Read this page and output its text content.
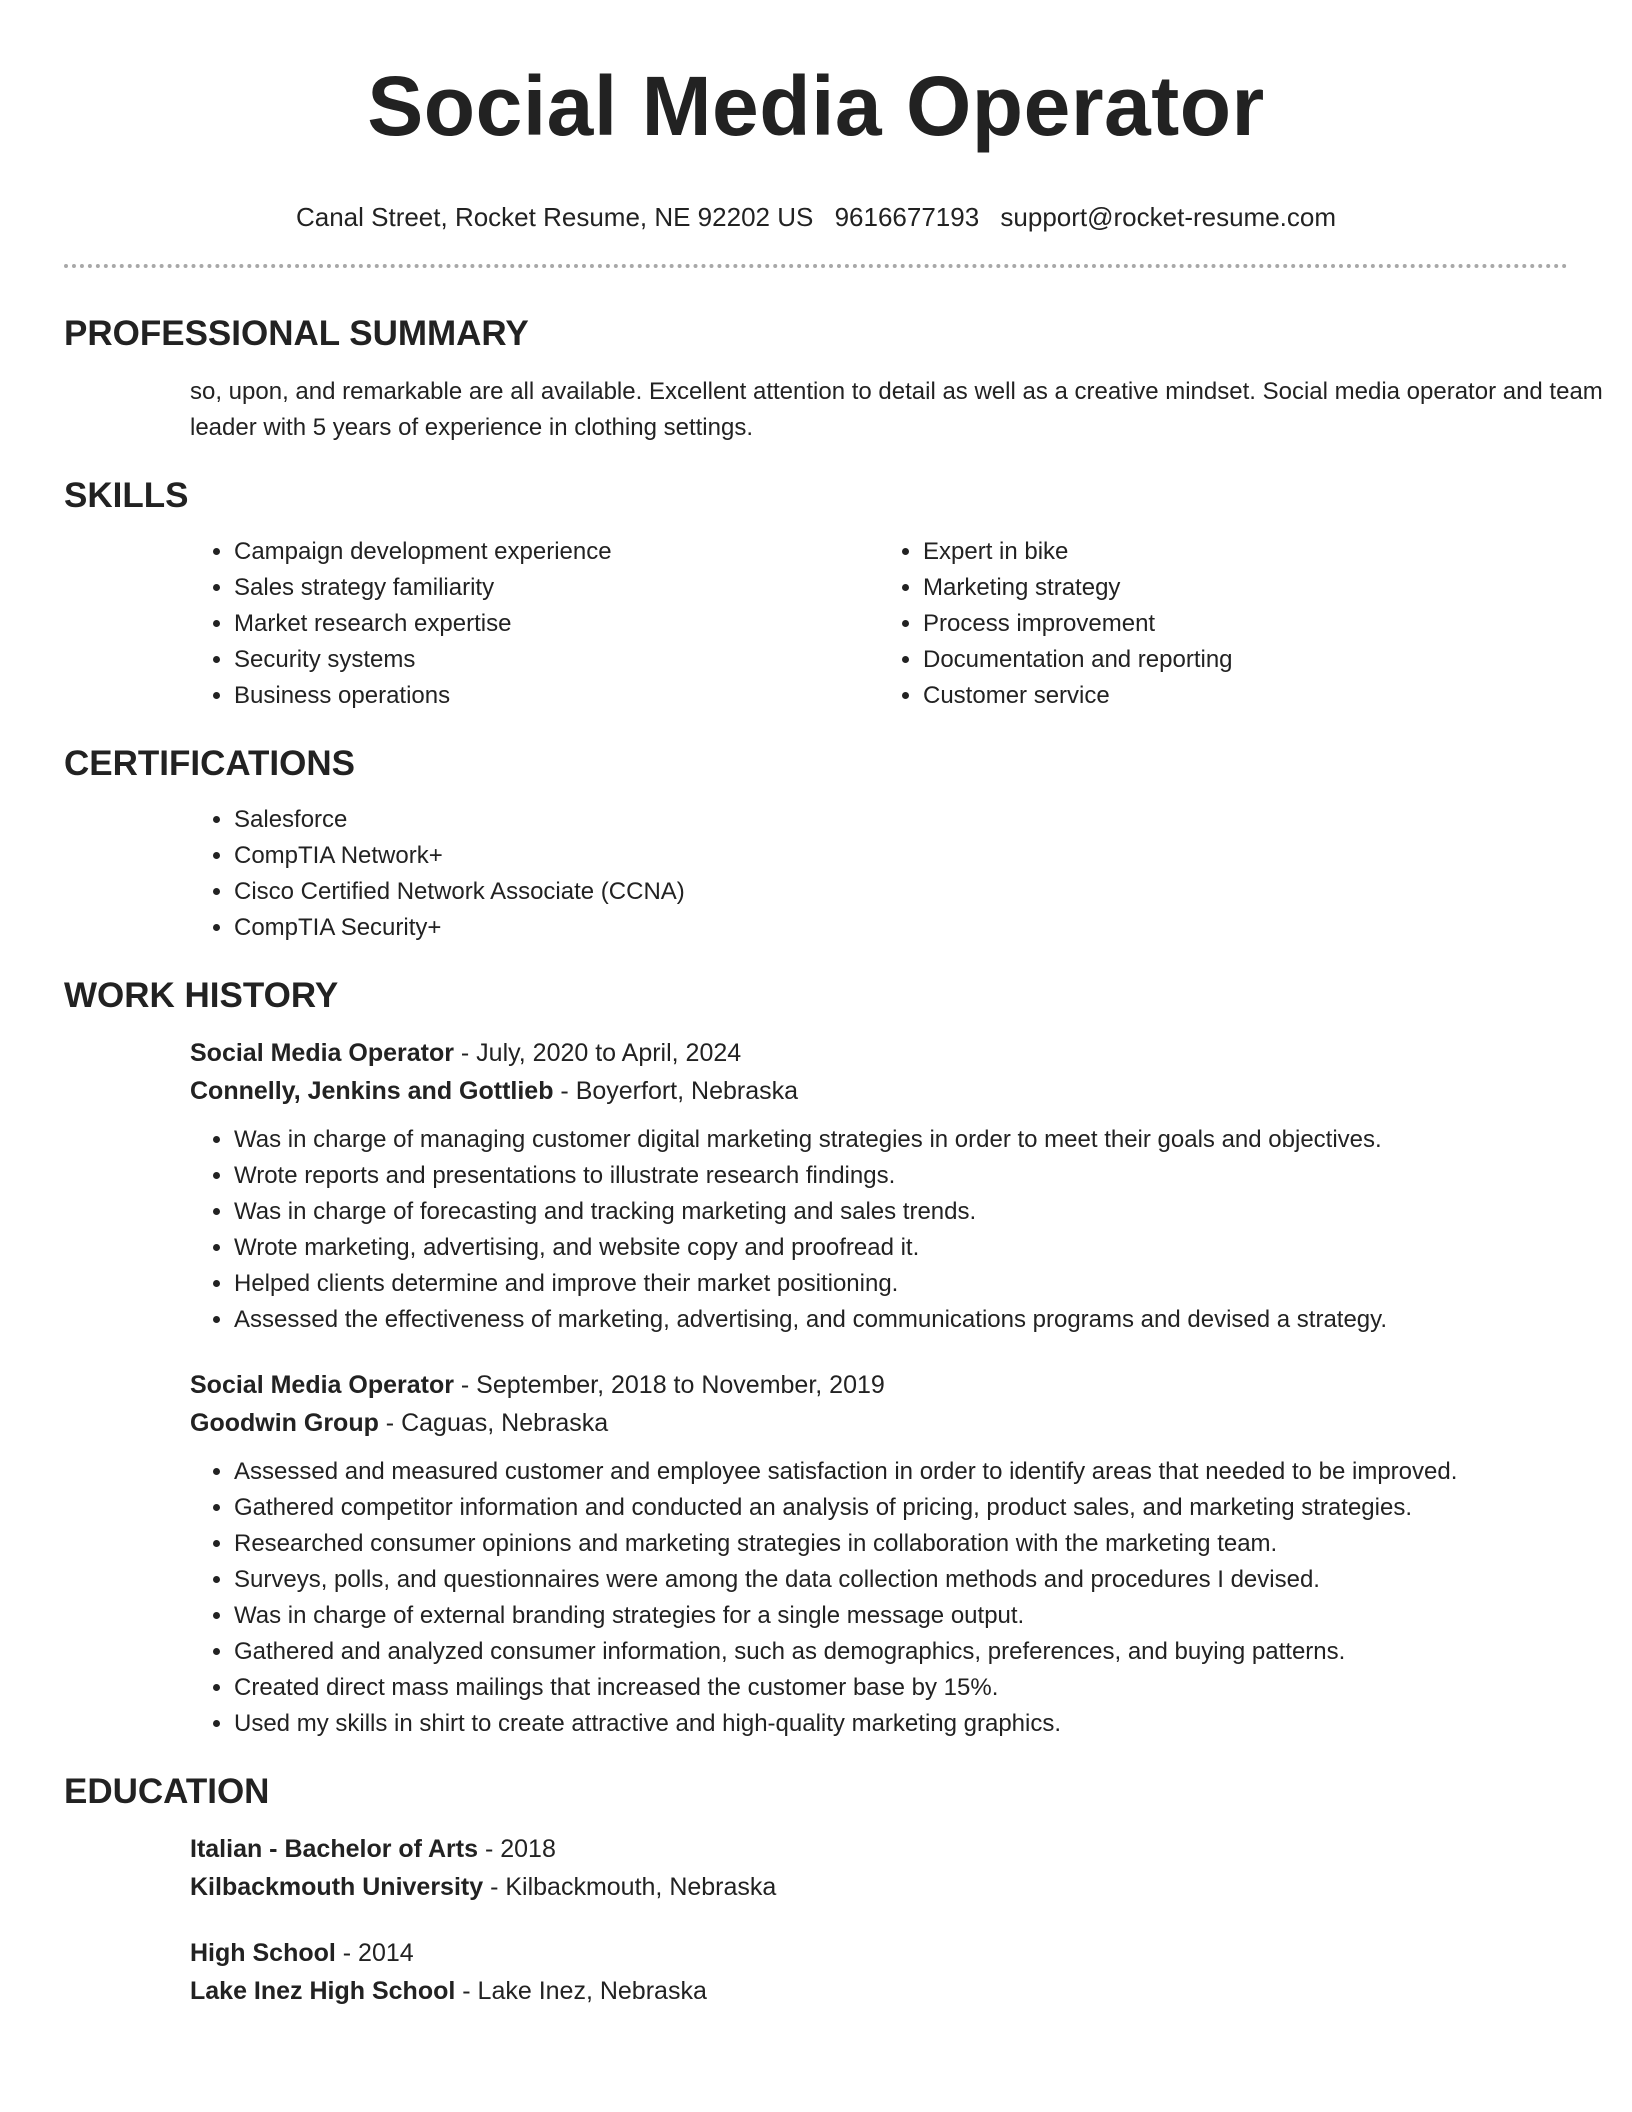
Social Media Operator
Canal Street, Rocket Resume, NE 92202 US 9616677193 support@rocket-resume.com
PROFESSIONAL SUMMARY
so, upon, and remarkable are all available. Excellent attention to detail as well as a creative mindset. Social media operator and team leader with 5 years of experience in clothing settings.
SKILLS
• Campaign development experience
• Sales strategy familiarity
• Market research expertise
• Security systems
• Business operations
• Expert in bike
• Marketing strategy
• Process improvement
• Documentation and reporting
• Customer service
CERTIFICATIONS
• Salesforce
• CompTIA Network+
• Cisco Certified Network Associate (CCNA)
• CompTIA Security+
WORK HISTORY
Social Media Operator - July, 2020 to April, 2024
Connelly, Jenkins and Gottlieb - Boyerfort, Nebraska
• Was in charge of managing customer digital marketing strategies in order to meet their goals and objectives.
• Wrote reports and presentations to illustrate research findings.
• Was in charge of forecasting and tracking marketing and sales trends.
• Wrote marketing, advertising, and website copy and proofread it.
• Helped clients determine and improve their market positioning.
• Assessed the effectiveness of marketing, advertising, and communications programs and devised a strategy.
Social Media Operator - September, 2018 to November, 2019
Goodwin Group - Caguas, Nebraska
• Assessed and measured customer and employee satisfaction in order to identify areas that needed to be improved.
• Gathered competitor information and conducted an analysis of pricing, product sales, and marketing strategies.
• Researched consumer opinions and marketing strategies in collaboration with the marketing team.
• Surveys, polls, and questionnaires were among the data collection methods and procedures I devised.
• Was in charge of external branding strategies for a single message output.
• Gathered and analyzed consumer information, such as demographics, preferences, and buying patterns.
• Created direct mass mailings that increased the customer base by 15%.
• Used my skills in shirt to create attractive and high-quality marketing graphics.
EDUCATION
Italian - Bachelor of Arts - 2018
Kilbackmouth University - Kilbackmouth, Nebraska
High School - 2014
Lake Inez High School - Lake Inez, Nebraska
